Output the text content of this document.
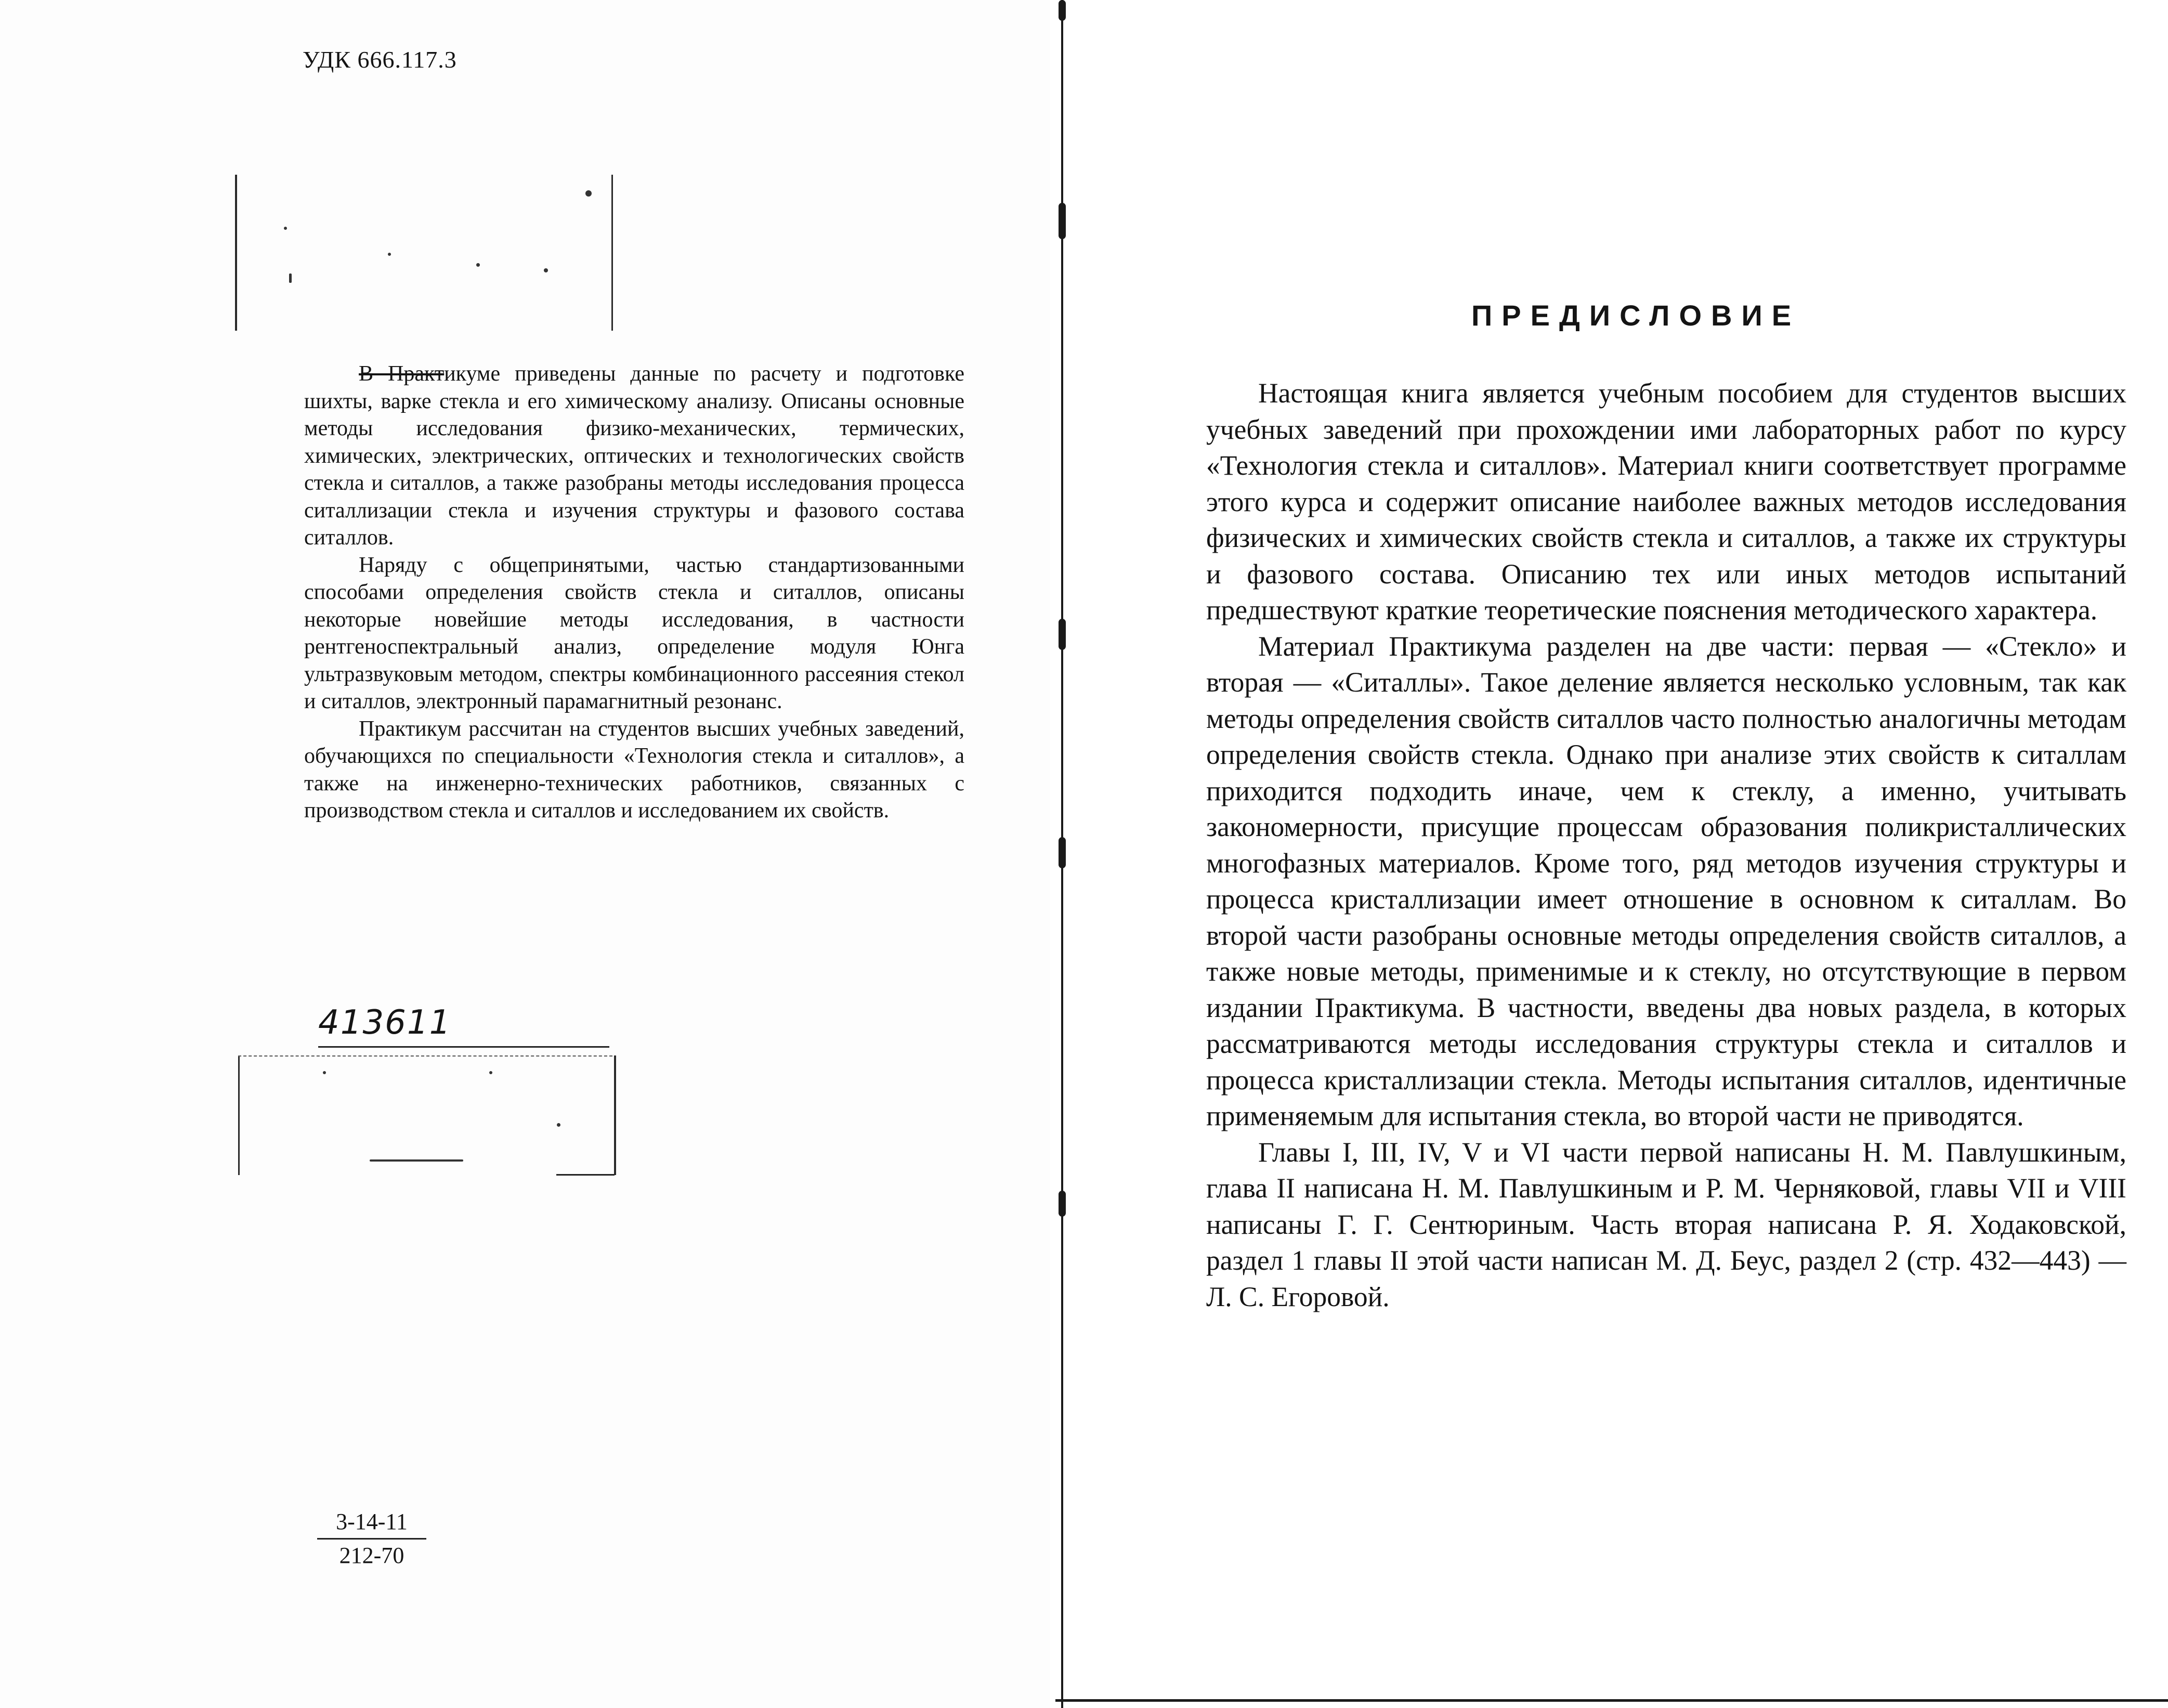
УДК 666.117.3

В Практикуме приведены данные по расчету и подготовке шихты, варке стекла и его химическому анализу. Описаны основные методы исследования физико-механических, термических, химических, электрических, оптических и технологических свойств стекла и ситаллов, а также разобраны методы исследования процесса ситаллизации стекла и изучения структуры и фазового состава ситаллов.

Наряду с общепринятыми, частью стандартизованными способами определения свойств стекла и ситаллов, описаны некоторые новейшие методы исследования, в частности рентгеноспектральный анализ, определение модуля Юнга ультразвуковым методом, спектры комбинационного рассеяния стекол и ситаллов, электронный парамагнитный резонанс.

Практикум рассчитан на студентов высших учебных заведений, обучающихся по специальности «Технология стекла и ситаллов», а также на инженерно-технических работников, связанных с производством стекла и ситаллов и исследованием их свойств.

413611
3-14-11
212-70
ПРЕДИСЛОВИЕ

Настоящая книга является учебным пособием для студентов высших учебных заведений при прохождении ими лабораторных работ по курсу «Технология стекла и ситаллов». Материал книги соответствует программе этого курса и содержит описание наиболее важных методов исследования физических и химических свойств стекла и ситаллов, а также их структуры и фазового состава. Описанию тех или иных методов испытаний предшествуют краткие теоретические пояснения методического характера.

Материал Практикума разделен на две части: первая — «Стекло» и вторая — «Ситаллы». Такое деление является несколько условным, так как методы определения свойств ситаллов часто полностью аналогичны методам определения свойств стекла. Однако при анализе этих свойств к ситаллам приходится подходить иначе, чем к стеклу, а именно, учитывать закономерности, присущие процессам образования поликристаллических многофазных материалов. Кроме того, ряд методов изучения структуры и процесса кристаллизации имеет отношение в основном к ситаллам. Во второй части разобраны основные методы определения свойств ситаллов, а также новые методы, применимые и к стеклу, но отсутствующие в первом издании Практикума. В частности, введены два новых раздела, в которых рассматриваются методы исследования структуры стекла и ситаллов и процесса кристаллизации стекла. Методы испытания ситаллов, идентичные применяемым для испытания стекла, во второй части не приводятся.

Главы I, III, IV, V и VI части первой написаны Н. М. Павлушкиным, глава II написана Н. М. Павлушкиным и Р. М. Черняковой, главы VII и VIII написаны Г. Г. Сентюриным. Часть вторая написана Р. Я. Ходаковской, раздел 1 главы II этой части написан М. Д. Беус, раздел 2 (стр. 432—443) — Л. С. Егоровой.
